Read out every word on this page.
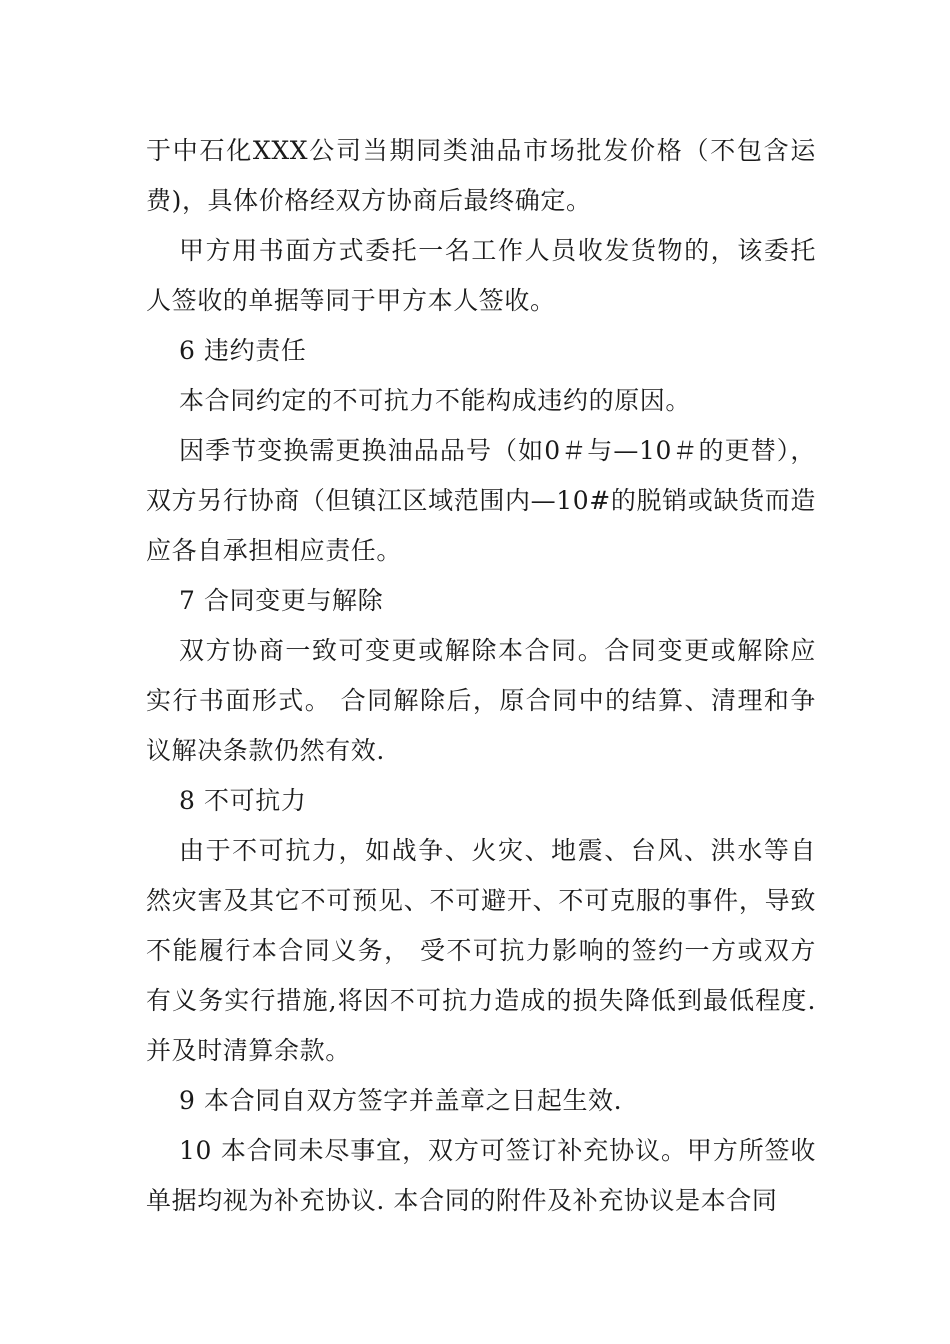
于中石化XXX公司当期同类油品市场批发价格（不包含运费)，具体价格经双方协商后最终确定。

甲方用书面方式委托一名工作人员收发货物的，该委托人签收的单据等同于甲方本人签收。

6 违约责任

本合同约定的不可抗力不能构成违约的原因。

因季节变换需更换油品品号（如0＃与—10＃的更替），双方另行协商（但镇江区域范围内—10#的脱销或缺货而造应各自承担相应责任。

7 合同变更与解除

双方协商一致可变更或解除本合同。合同变更或解除应实行书面形式。 合同解除后，原合同中的结算、清理和争议解决条款仍然有效.

8 不可抗力

由于不可抗力，如战争、火灾、地震、台风、洪水等自然灾害及其它不可预见、不可避开、不可克服的事件，导致不能履行本合同义务， 受不可抗力影响的签约一方或双方有义务实行措施,将因不可抗力造成的损失降低到最低程度.并及时清算余款。

9 本合同自双方签字并盖章之日起生效.

10 本合同未尽事宜，双方可签订补充协议。甲方所签收单据均视为补充协议. 本合同的附件及补充协议是本合同
